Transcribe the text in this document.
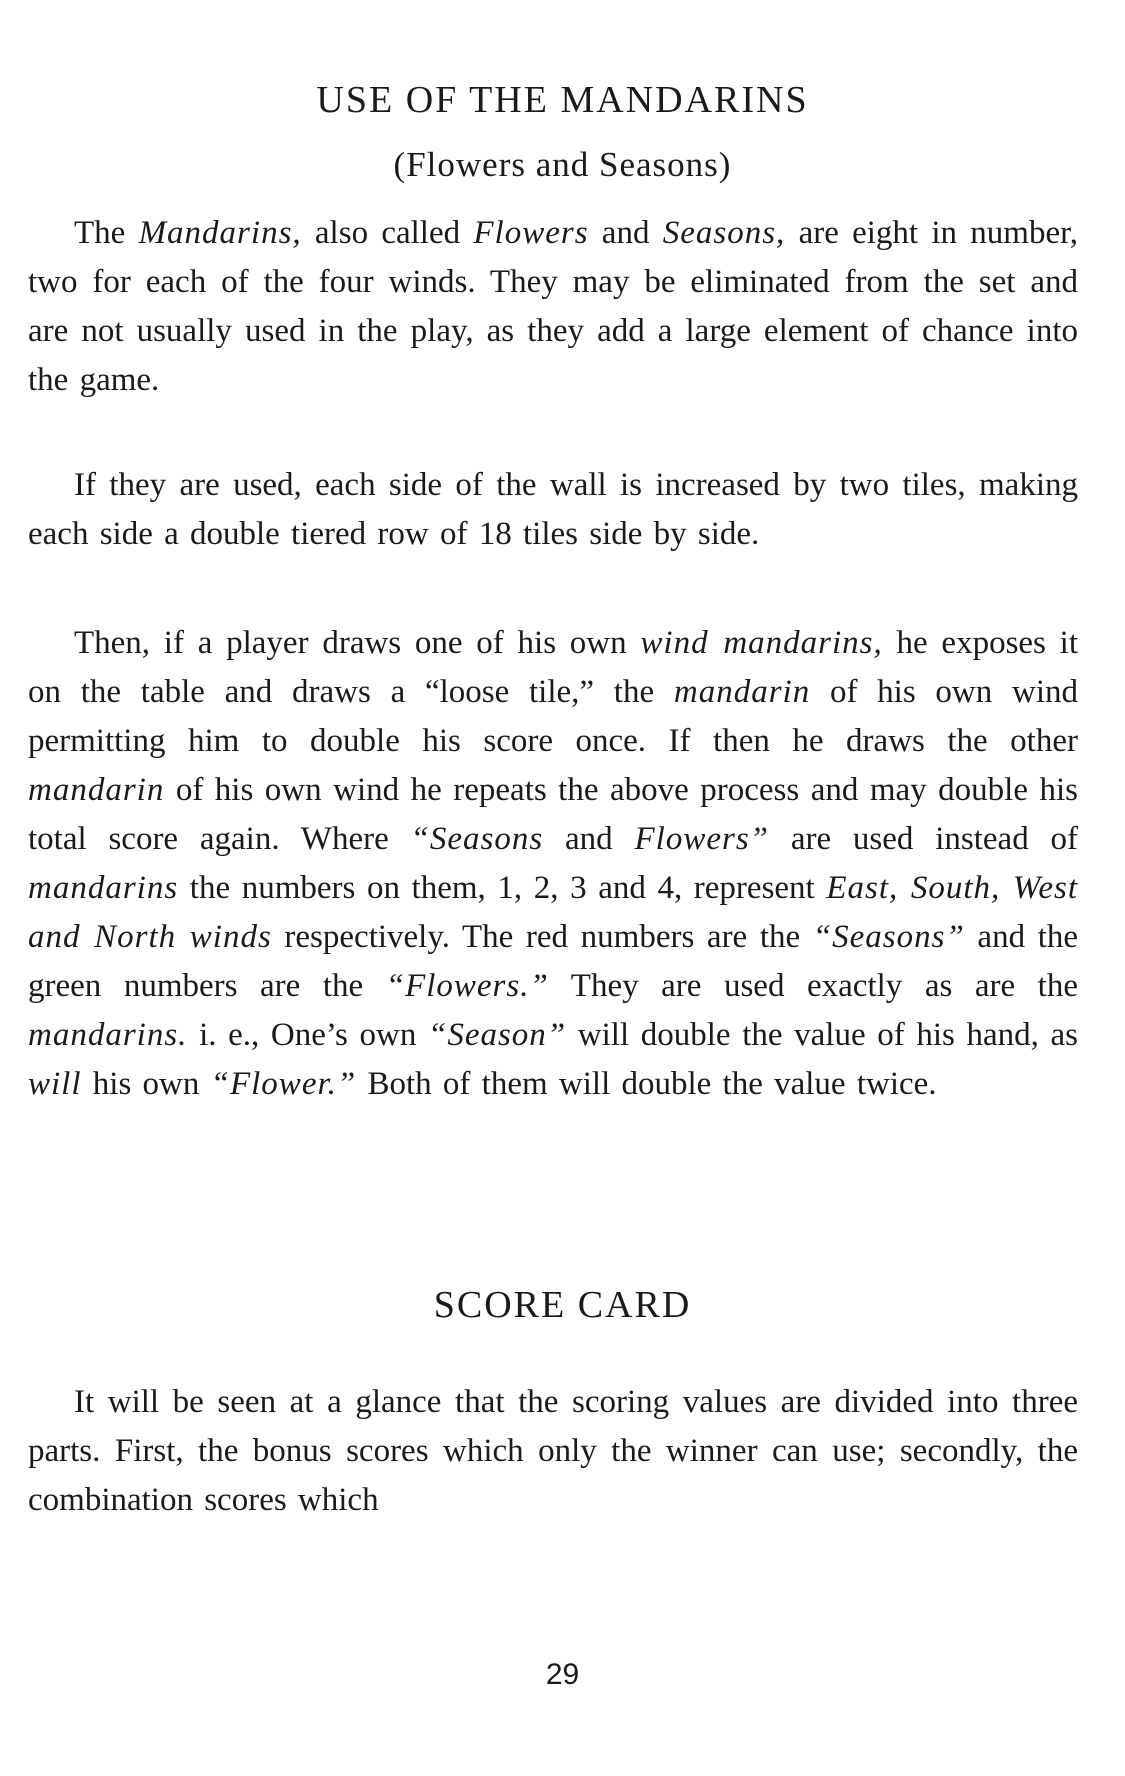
USE OF THE MANDARINS
(Flowers and Seasons)

The Mandarins, also called Flowers and Seasons, are eight in number, two for each of the four winds. They may be eliminated from the set and are not usually used in the play, as they add a large element of chance into the game.

If they are used, each side of the wall is increased by two tiles, making each side a double tiered row of 18 tiles side by side.

Then, if a player draws one of his own wind mandarins, he exposes it on the table and draws a “loose tile,” the mandarin of his own wind permitting him to double his score once. If then he draws the other mandarin of his own wind he repeats the above process and may double his total score again. Where “Seasons and Flowers” are used instead of mandarins the numbers on them, 1, 2, 3 and 4, represent East, South, West and North winds respectively. The red numbers are the “Seasons” and the green numbers are the “Flowers.” They are used exactly as are the mandarins. i. e., One’s own “Season” will double the value of his hand, as will his own “Flower.” Both of them will double the value twice.

SCORE CARD

It will be seen at a glance that the scoring values are divided into three parts. First, the bonus scores which only the winner can use; secondly, the combination scores which

29
